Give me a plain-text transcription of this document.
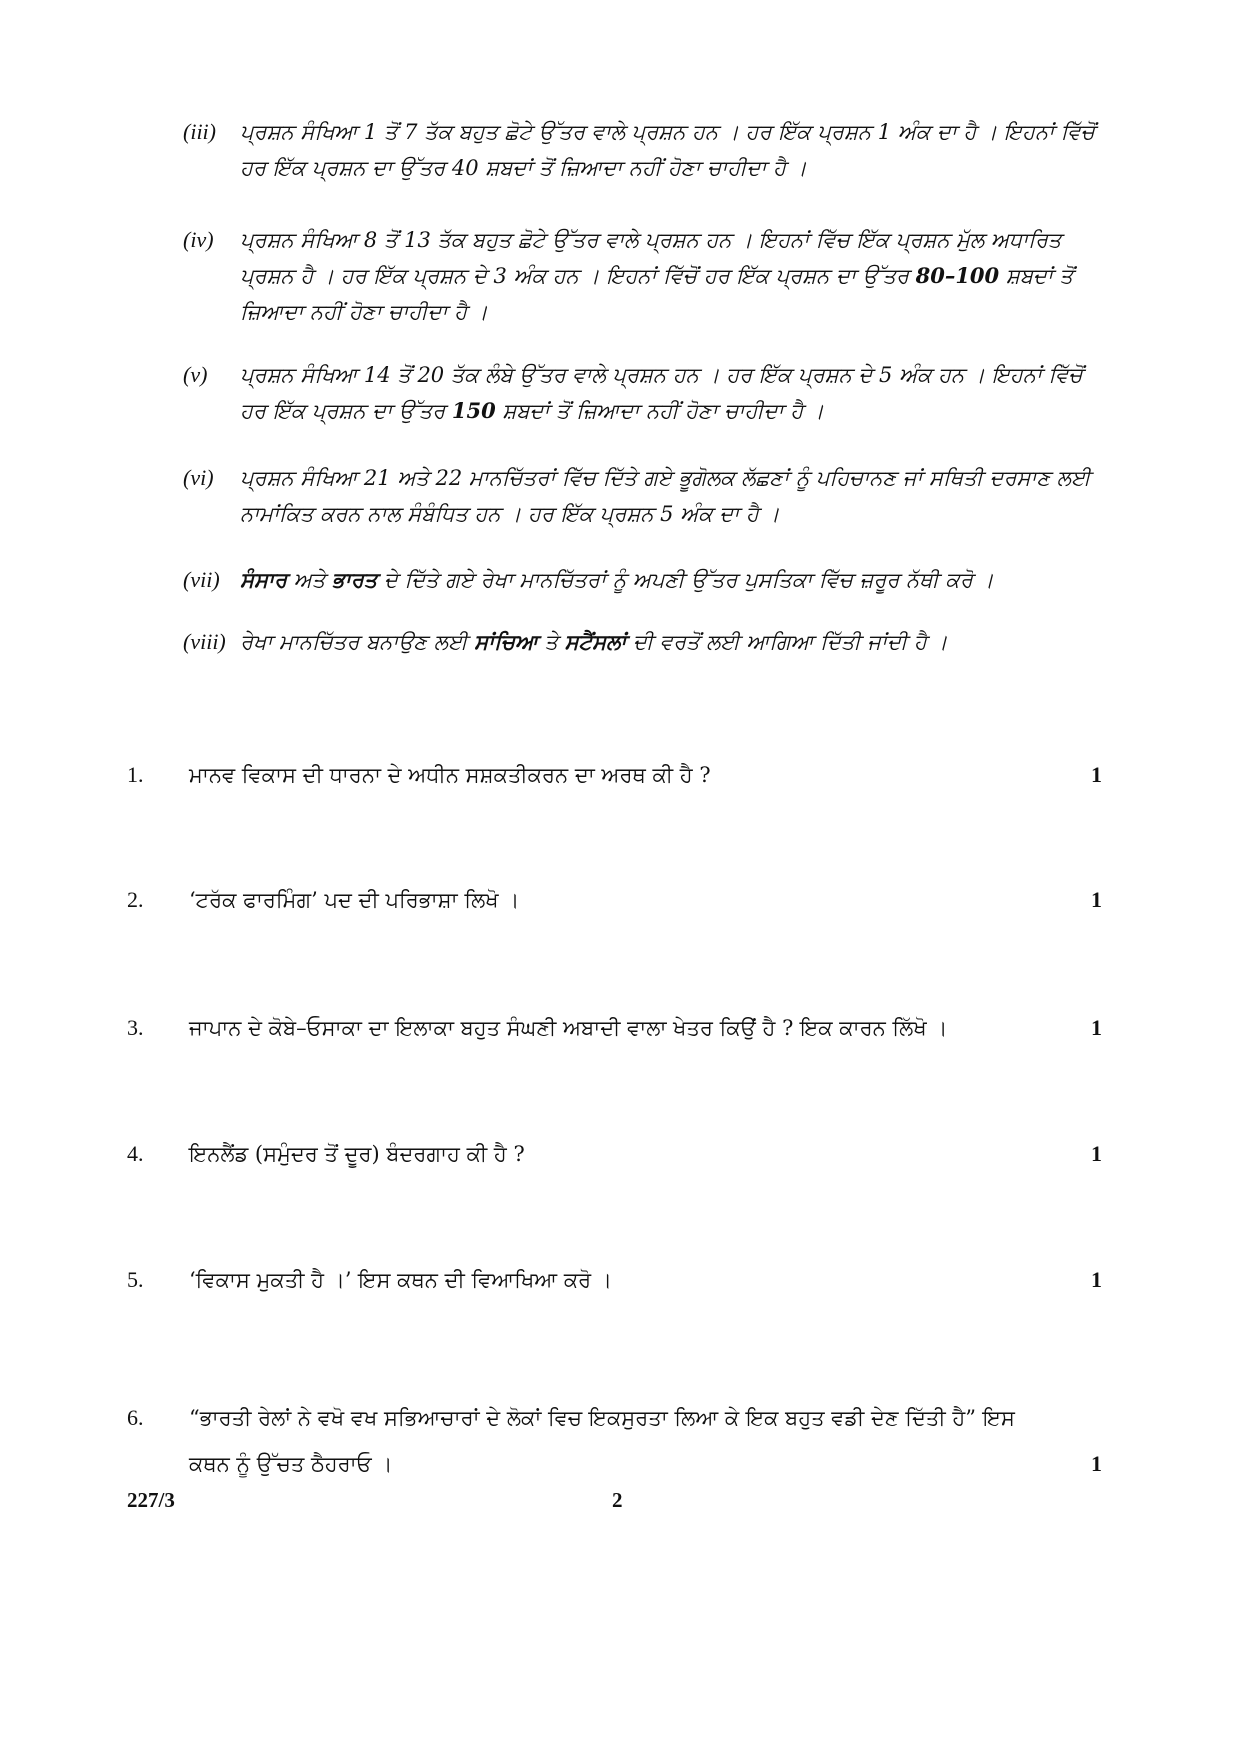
(iii) ਪ੍ਰਸ਼ਨ ਸੰਖਿਆ 1 ਤੋਂ 7 ਤੱਕ ਬਹੁਤ ਛੋਟੇ ਉੱਤਰ ਵਾਲੇ ਪ੍ਰਸ਼ਨ ਹਨ । ਹਰ ਇੱਕ ਪ੍ਰਸ਼ਨ 1 ਅੰਕ ਦਾ ਹੈ । ਇਹਨਾਂ ਵਿੱਚੋਂ ਹਰ ਇੱਕ ਪ੍ਰਸ਼ਨ ਦਾ ਉੱਤਰ 40 ਸ਼ਬਦਾਂ ਤੋਂ ਜ਼ਿਆਦਾ ਨਹੀਂ ਹੋਣਾ ਚਾਹੀਦਾ ਹੈ ।
(iv) ਪ੍ਰਸ਼ਨ ਸੰਖਿਆ 8 ਤੋਂ 13 ਤੱਕ ਬਹੁਤ ਛੋਟੇ ਉੱਤਰ ਵਾਲੇ ਪ੍ਰਸ਼ਨ ਹਨ । ਇਹਨਾਂ ਵਿੱਚ ਇੱਕ ਪ੍ਰਸ਼ਨ ਮੁੱਲ ਅਧਾਰਿਤ ਪ੍ਰਸ਼ਨ ਹੈ । ਹਰ ਇੱਕ ਪ੍ਰਸ਼ਨ ਦੇ 3 ਅੰਕ ਹਨ । ਇਹਨਾਂ ਵਿੱਚੋਂ ਹਰ ਇੱਕ ਪ੍ਰਸ਼ਨ ਦਾ ਉੱਤਰ 80–100 ਸ਼ਬਦਾਂ ਤੋਂ ਜ਼ਿਆਦਾ ਨਹੀਂ ਹੋਣਾ ਚਾਹੀਦਾ ਹੈ ।
(v) ਪ੍ਰਸ਼ਨ ਸੰਖਿਆ 14 ਤੋਂ 20 ਤੱਕ ਲੰਬੇ ਉੱਤਰ ਵਾਲੇ ਪ੍ਰਸ਼ਨ ਹਨ । ਹਰ ਇੱਕ ਪ੍ਰਸ਼ਨ ਦੇ 5 ਅੰਕ ਹਨ । ਇਹਨਾਂ ਵਿੱਚੋਂ ਹਰ ਇੱਕ ਪ੍ਰਸ਼ਨ ਦਾ ਉੱਤਰ 150 ਸ਼ਬਦਾਂ ਤੋਂ ਜ਼ਿਆਦਾ ਨਹੀਂ ਹੋਣਾ ਚਾਹੀਦਾ ਹੈ ।
(vi) ਪ੍ਰਸ਼ਨ ਸੰਖਿਆ 21 ਅਤੇ 22 ਮਾਨਚਿੱਤਰਾਂ ਵਿੱਚ ਦਿੱਤੇ ਗਏ ਭੂਗੋਲਕ ਲੱਛਣਾਂ ਨੂੰ ਪਹਿਚਾਨਣ ਜਾਂ ਸਥਿਤੀ ਦਰਸਾਣ ਲਈ ਨਾਮਾਂਕਿਤ ਕਰਨ ਨਾਲ ਸੰਬੰਧਿਤ ਹਨ । ਹਰ ਇੱਕ ਪ੍ਰਸ਼ਨ 5 ਅੰਕ ਦਾ ਹੈ ।
(vii) ਸੰਸਾਰ ਅਤੇ ਭਾਰਤ ਦੇ ਦਿੱਤੇ ਗਏ ਰੇਖਾ ਮਾਨਚਿੱਤਰਾਂ ਨੂੰ ਅਪਣੀ ਉੱਤਰ ਪੁਸਤਿਕਾ ਵਿੱਚ ਜ਼ਰੂਰ ਨੱਥੀ ਕਰੋ ।
(viii) ਰੇਖਾ ਮਾਨਚਿੱਤਰ ਬਨਾਉਣ ਲਈ ਸਾਂਚਿਆ ਤੇ ਸਟੈਂਸਲਾਂ ਦੀ ਵਰਤੋਂ ਲਈ ਆਗਿਆ ਦਿੱਤੀ ਜਾਂਦੀ ਹੈ ।
1. ਮਾਨਵ ਵਿਕਾਸ ਦੀ ਧਾਰਨਾ ਦੇ ਅਧੀਨ ਸਸ਼ਕਤੀਕਰਨ ਦਾ ਅਰਥ ਕੀ ਹੈ ?	1
2. ‘ਟਰੱਕ ਫਾਰਮਿੰਗ’ ਪਦ ਦੀ ਪਰਿਭਾਸ਼ਾ ਲਿਖੋ ।	1
3. ਜਾਪਾਨ ਦੇ ਕੋਬੇ–ਓਸਾਕਾ ਦਾ ਇਲਾਕਾ ਬਹੁਤ ਸੰਘਣੀ ਅਬਾਦੀ ਵਾਲਾ ਖੇਤਰ ਕਿਉਂ ਹੈ ? ਇਕ ਕਾਰਨ ਲਿੱਖੋ ।	1
4. ਇਨਲੈਂਡ (ਸਮੁੰਦਰ ਤੋਂ ਦੂਰ) ਬੰਦਰਗਾਹ ਕੀ ਹੈ ?	1
5. ‘ਵਿਕਾਸ ਮੁਕਤੀ ਹੈ ।’ ਇਸ ਕਥਨ ਦੀ ਵਿਆਖਿਆ ਕਰੋ ।	1
6. “ਭਾਰਤੀ ਰੇਲਾਂ ਨੇ ਵਖੋ ਵਖ ਸਭਿਆਚਾਰਾਂ ਦੇ ਲੋਕਾਂ ਵਿਚ ਇਕਸੁਰਤਾ ਲਿਆ ਕੇ ਇਕ ਬਹੁਤ ਵਡੀ ਦੇਣ ਦਿੱਤੀ ਹੈ” ਇਸ ਕਥਨ ਨੂੰ ਉੱਚਤ ਠੈਹਰਾਓ ।	1
227/3	2
